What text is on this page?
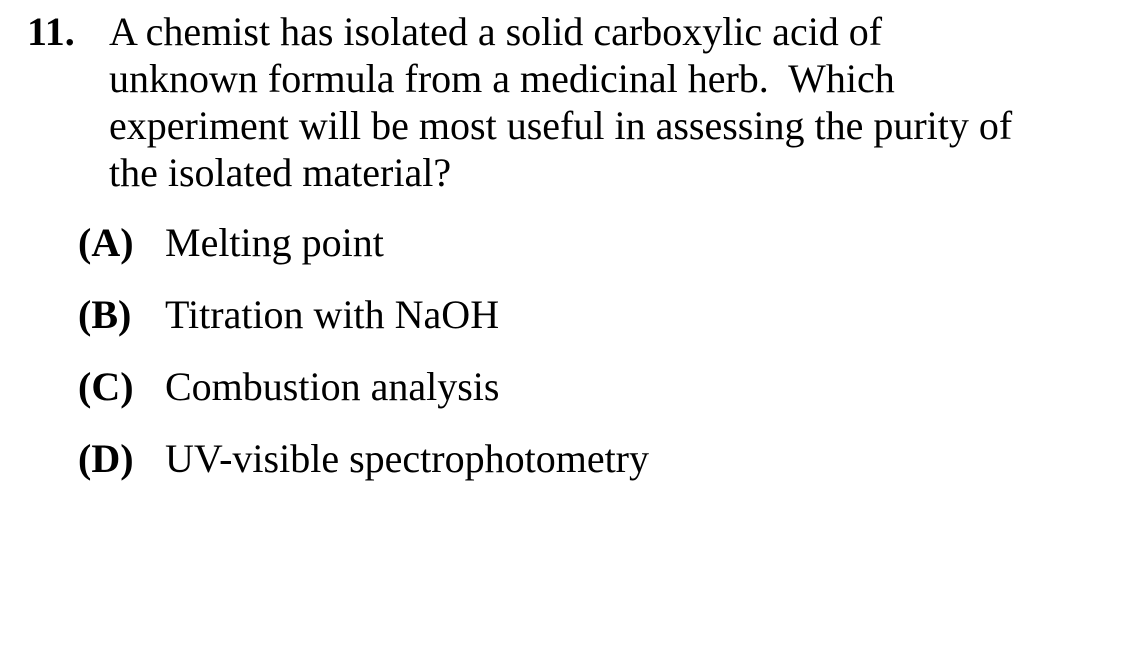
11. A chemist has isolated a solid carboxylic acid of
unknown formula from a medicinal herb.  Which
experiment will be most useful in assessing the purity of
the isolated material?

(A)

Melting point

(B)

Titration with NaOH

(C)

Combustion analysis

(D)

UV-visible spectrophotometry
